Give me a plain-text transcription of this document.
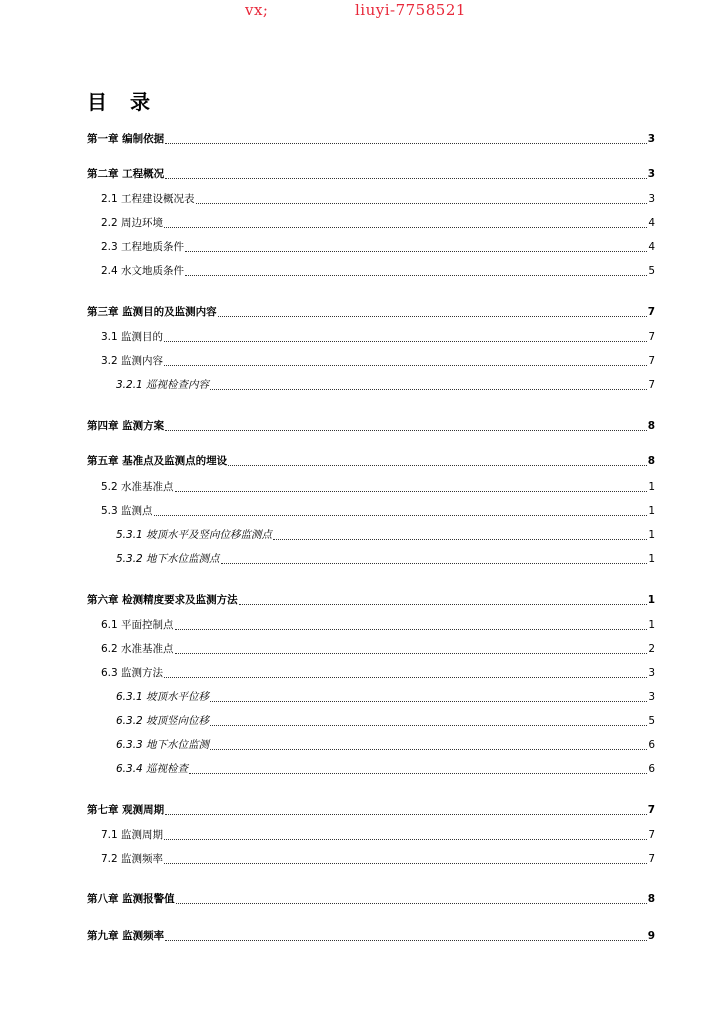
vx;	liuyi-7758521
目 录
第一章 编制依据	3
第二章 工程概况	3
2.1 工程建设概况表	3
2.2 周边环境	4
2.3 工程地质条件	4
2.4 水文地质条件	5
第三章 监测目的及监测内容	7
3.1 监测目的	7
3.2 监测内容	7
3.2.1 巡视检查内容	7
第四章 监测方案	8
第五章 基准点及监测点的埋设	8
5.2 水准基准点	1
5.3 监测点	1
5.3.1 坡顶水平及竖向位移监测点	1
5.3.2 地下水位监测点	1
第六章 检测精度要求及监测方法	1
6.1 平面控制点	1
6.2 水准基准点	2
6.3 监测方法	3
6.3.1 坡顶水平位移	3
6.3.2 坡顶竖向位移	5
6.3.3 地下水位监测	6
6.3.4 巡视检查	6
第七章 观测周期	7
7.1 监测周期	7
7.2 监测频率	7
第八章 监测报警值	8
第九章 监测频率	9
